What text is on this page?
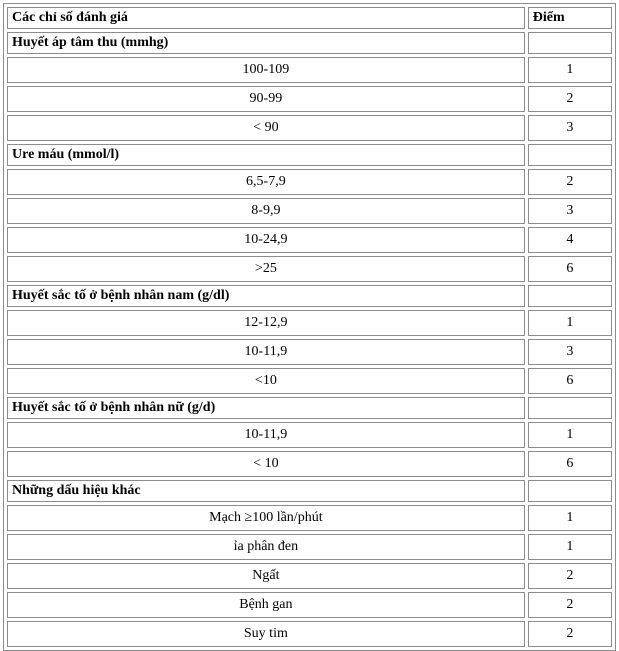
Các chỉ số đánh giá	Điểm
Huyết áp tâm thu (mmhg)	
100-109	1
90-99	2
< 90	3
Ure máu (mmol/l)	
6,5-7,9	2
8-9,9	3
10-24,9	4
>25	6
Huyết sắc tố ở bệnh nhân nam (g/dl)	
12-12,9	1
10-11,9	3
<10	6
Huyết sắc tố ở bệnh nhân nữ (g/d)	
10-11,9	1
< 10	6
Những dấu hiệu khác	
Mạch ≥100 lần/phút	1
ỉa phân đen	1
Ngất	2
Bệnh gan	2
Suy tim	2
